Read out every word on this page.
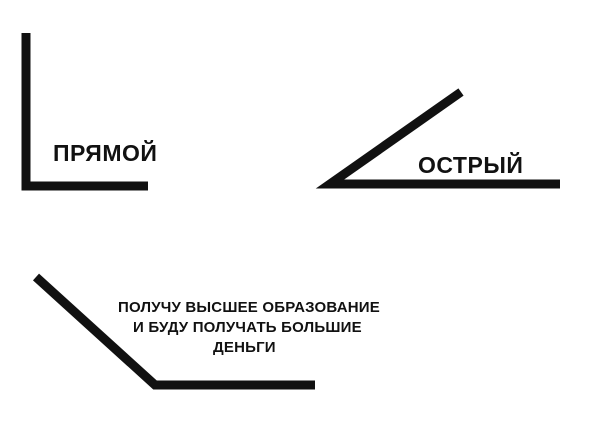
ПРЯМОЙ	ОСТРЫЙ
ПОЛУЧУ ВЫСШЕЕ ОБРАЗОВАНИЕ
И БУДУ ПОЛУЧАТЬ БОЛЬШИЕ
ДЕНЬГИ
